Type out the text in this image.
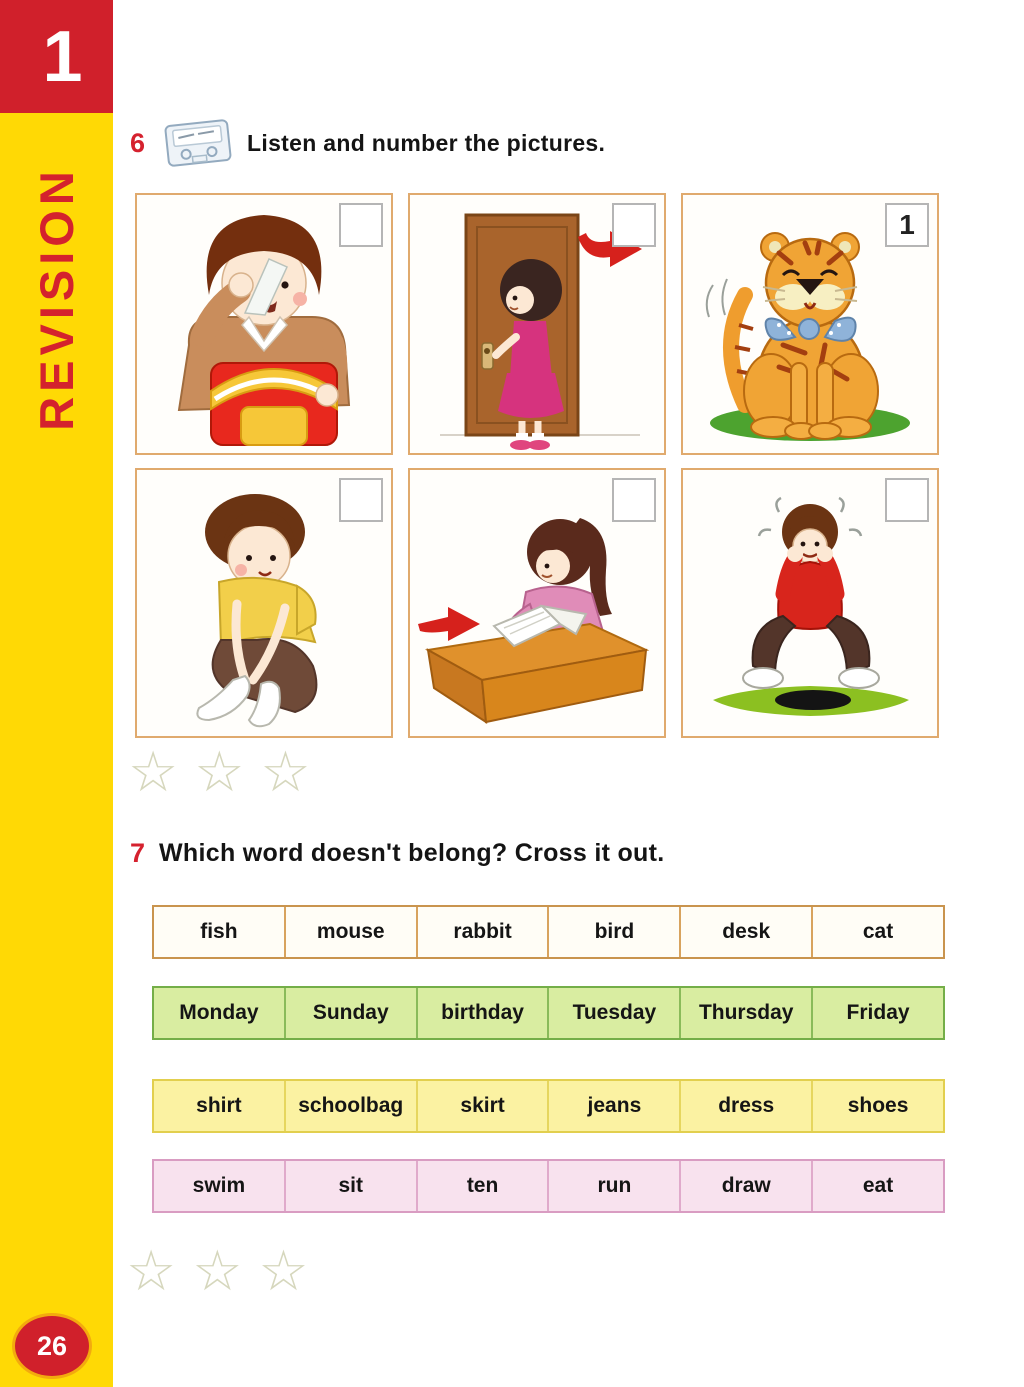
1
REVISION
26
6	Listen and number the pictures.
1
☆☆☆
7 Which word doesn't belong? Cross it out.
fish	mouse	rabbit	bird	desk	cat
Monday	Sunday	birthday	Tuesday	Thursday	Friday
shirt	schoolbag	skirt	jeans	dress	shoes
swim	sit	ten	run	draw	eat
☆☆☆
